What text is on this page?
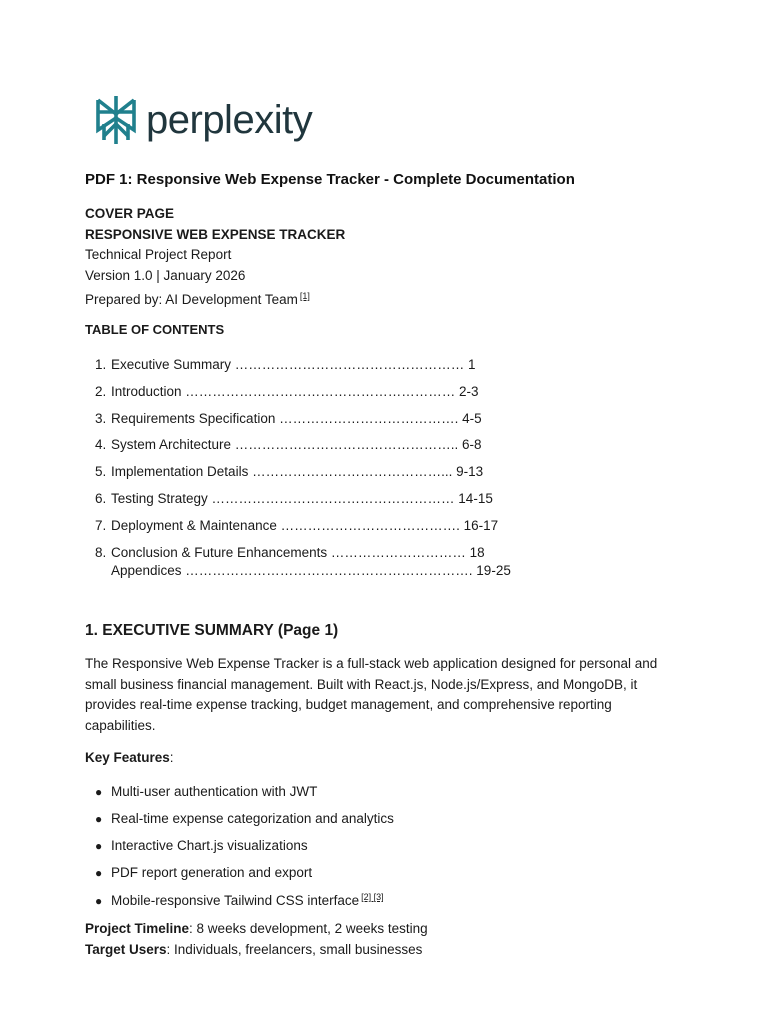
perplexity
PDF 1: Responsive Web Expense Tracker - Complete Documentation
COVER PAGE
RESPONSIVE WEB EXPENSE TRACKER
Technical Project Report
Version 1.0 | January 2026
Prepared by: AI Development Team [1]
TABLE OF CONTENTS
1. Executive Summary …………………………………………… 1
2. Introduction …………………………………………………… 2-3
3. Requirements Specification …………………………………. 4-5
4. System Architecture ………………………………………….. 6-8
5. Implementation Details ……………………………………... 9-13
6. Testing Strategy ……………………………………………… 14-15
7. Deployment & Maintenance …………………………………. 16-17
8. Conclusion & Future Enhancements ………………………… 18
Appendices ………………………………………………………. 19-25
1. EXECUTIVE SUMMARY (Page 1)

The Responsive Web Expense Tracker is a full-stack web application designed for personal and small business financial management. Built with React.js, Node.js/Express, and MongoDB, it provides real-time expense tracking, budget management, and comprehensive reporting capabilities.

Key Features:
● Multi-user authentication with JWT
● Real-time expense categorization and analytics
● Interactive Chart.js visualizations
● PDF report generation and export
● Mobile-responsive Tailwind CSS interface [2] [3]
Project Timeline: 8 weeks development, 2 weeks testing
Target Users: Individuals, freelancers, small businesses
